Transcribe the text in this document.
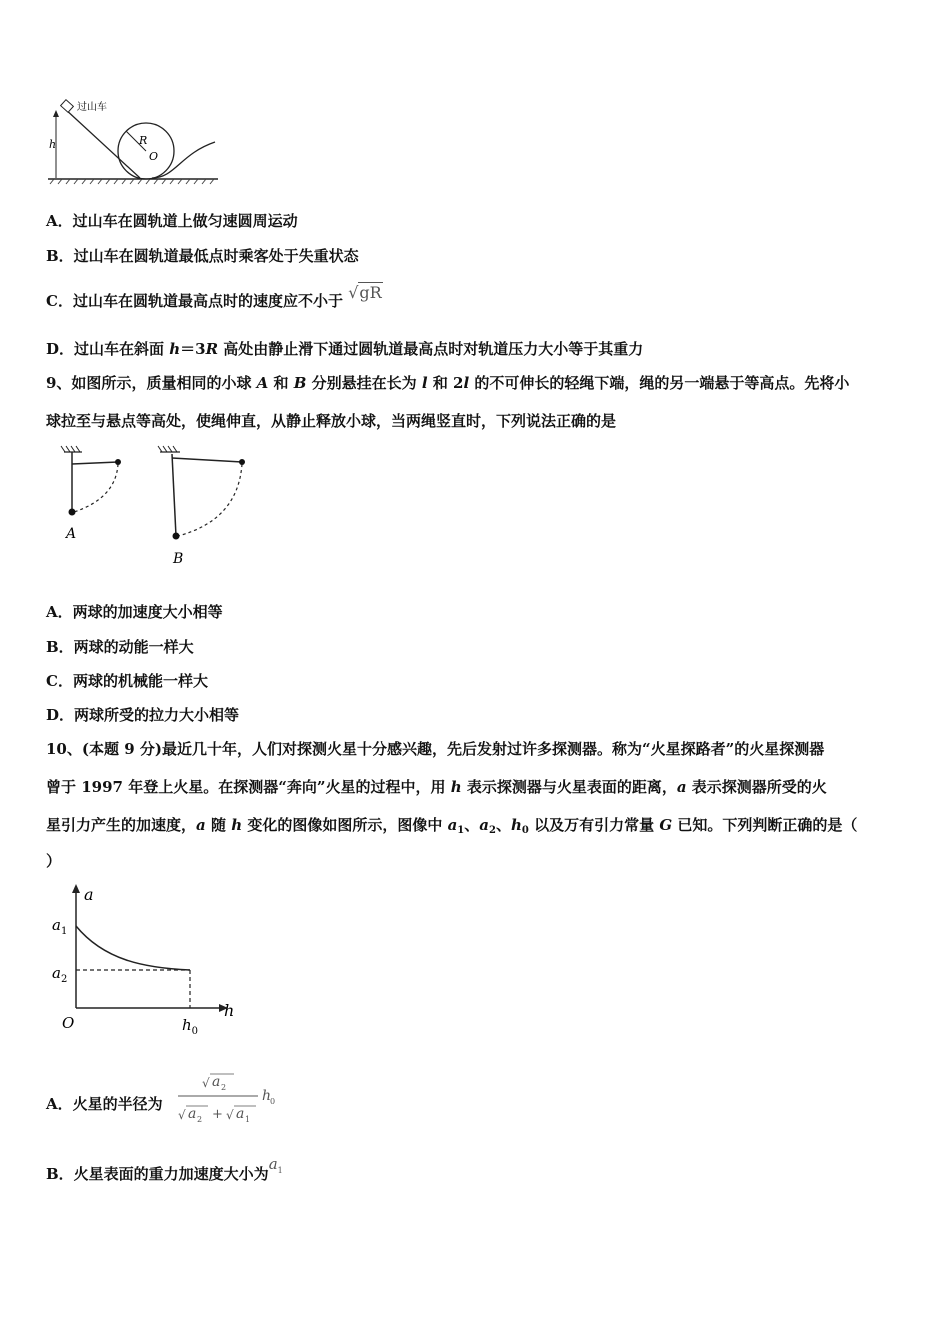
h	R
O
过山车
A．过山车在圆轨道上做匀速圆周运动
B．过山车在圆轨道最低点时乘客处于失重状态
C．过山车在圆轨道最高点时的速度应不小于 √gR
D．过山车在斜面 h＝3R 高处由静止滑下通过圆轨道最高点时对轨道压力大小等于其重力
9、如图所示，质量相同的小球 A 和 B 分别悬挂在长为 l 和 2l 的不可伸长的轻绳下端，绳的另一端悬于等高点。先将小
球拉至与悬点等高处，使绳伸直，从静止释放小球，当两绳竖直时，下列说法正确的是
A
B
A．两球的加速度大小相等
B．两球的动能一样大
C．两球的机械能一样大
D．两球所受的拉力大小相等
10、(本题 9 分)最近几十年，人们对探测火星十分感兴趣，先后发射过许多探测器。称为“火星探路者”的火星探测器
曾于 1997 年登上火星。在探测器“奔向”火星的过程中，用 h 表示探测器与火星表面的距离，a 表示探测器所受的火
星引力产生的加速度，a 随 h 变化的图像如图所示，图像中 $a_1$、$a_2$、$h_0$ 以及万有引力常量 G 已知。下列判断正确的是（
）
a
h
O
$a_1$
$a_2$
$h_0$
A．火星的半径为
√ a 2
√ a 2 + √ a 1
h
0
B．火星表面的重力加速度大小为$a^1$
